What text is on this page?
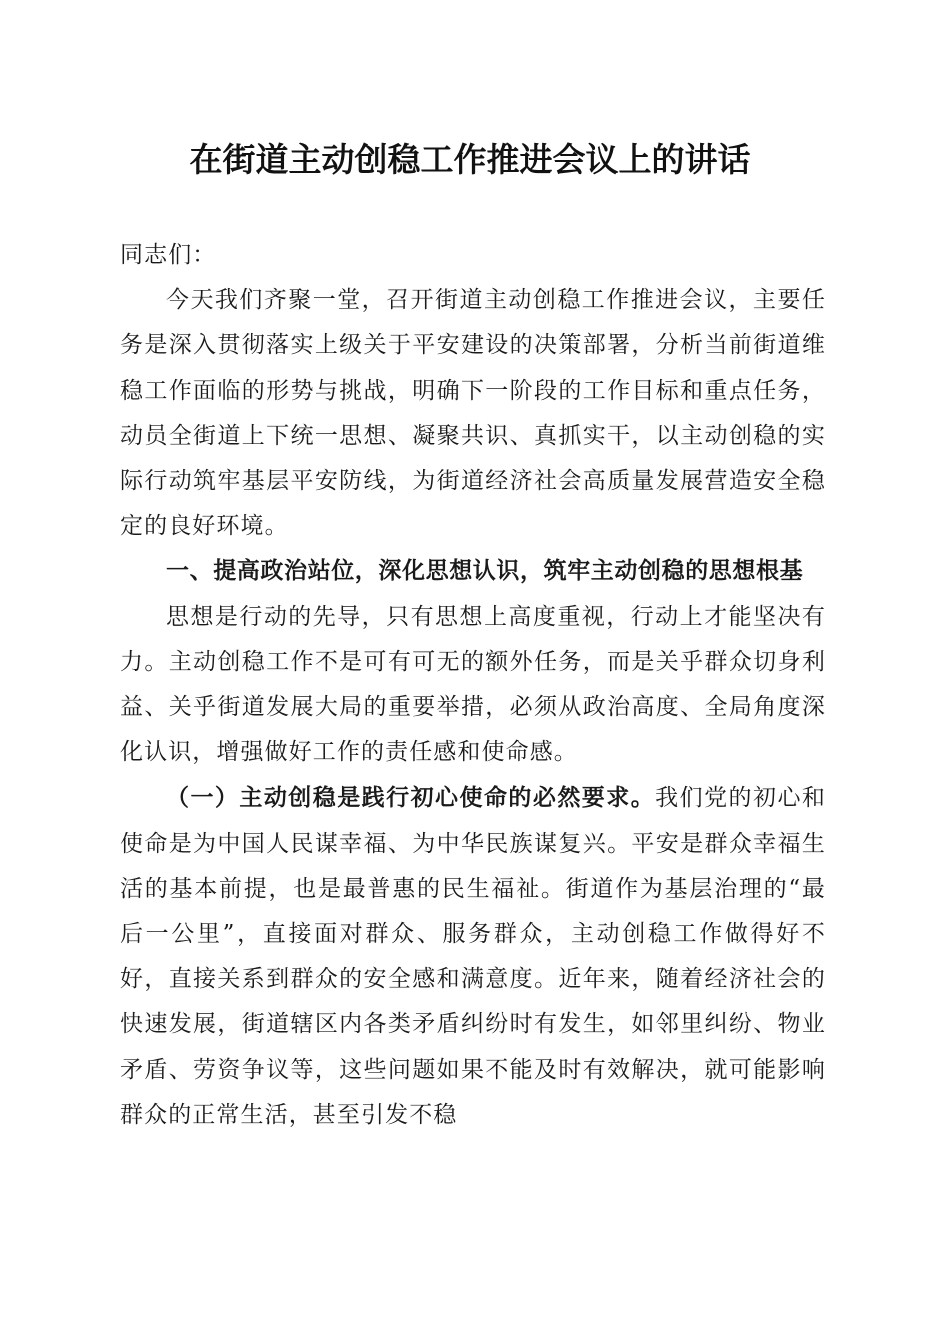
在街道主动创稳工作推进会议上的讲话

同志们：

今天我们齐聚一堂，召开街道主动创稳工作推进会议，主要任务是深入贯彻落实上级关于平安建设的决策部署，分析当前街道维稳工作面临的形势与挑战，明确下一阶段的工作目标和重点任务，动员全街道上下统一思想、凝聚共识、真抓实干，以主动创稳的实际行动筑牢基层平安防线，为街道经济社会高质量发展营造安全稳定的良好环境。

一、提高政治站位，深化思想认识，筑牢主动创稳的思想根基

思想是行动的先导，只有思想上高度重视，行动上才能坚决有力。主动创稳工作不是可有可无的额外任务，而是关乎群众切身利益、关乎街道发展大局的重要举措，必须从政治高度、全局角度深化认识，增强做好工作的责任感和使命感。

（一）主动创稳是践行初心使命的必然要求。我们党的初心和使命是为中国人民谋幸福、为中华民族谋复兴。平安是群众幸福生活的基本前提，也是最普惠的民生福祉。街道作为基层治理的“最后一公里”，直接面对群众、服务群众，主动创稳工作做得好不好，直接关系到群众的安全感和满意度。近年来，随着经济社会的快速发展，街道辖区内各类矛盾纠纷时有发生，如邻里纠纷、物业矛盾、劳资争议等，这些问题如果不能及时有效解决，就可能影响群众的正常生活，甚至引发不稳
